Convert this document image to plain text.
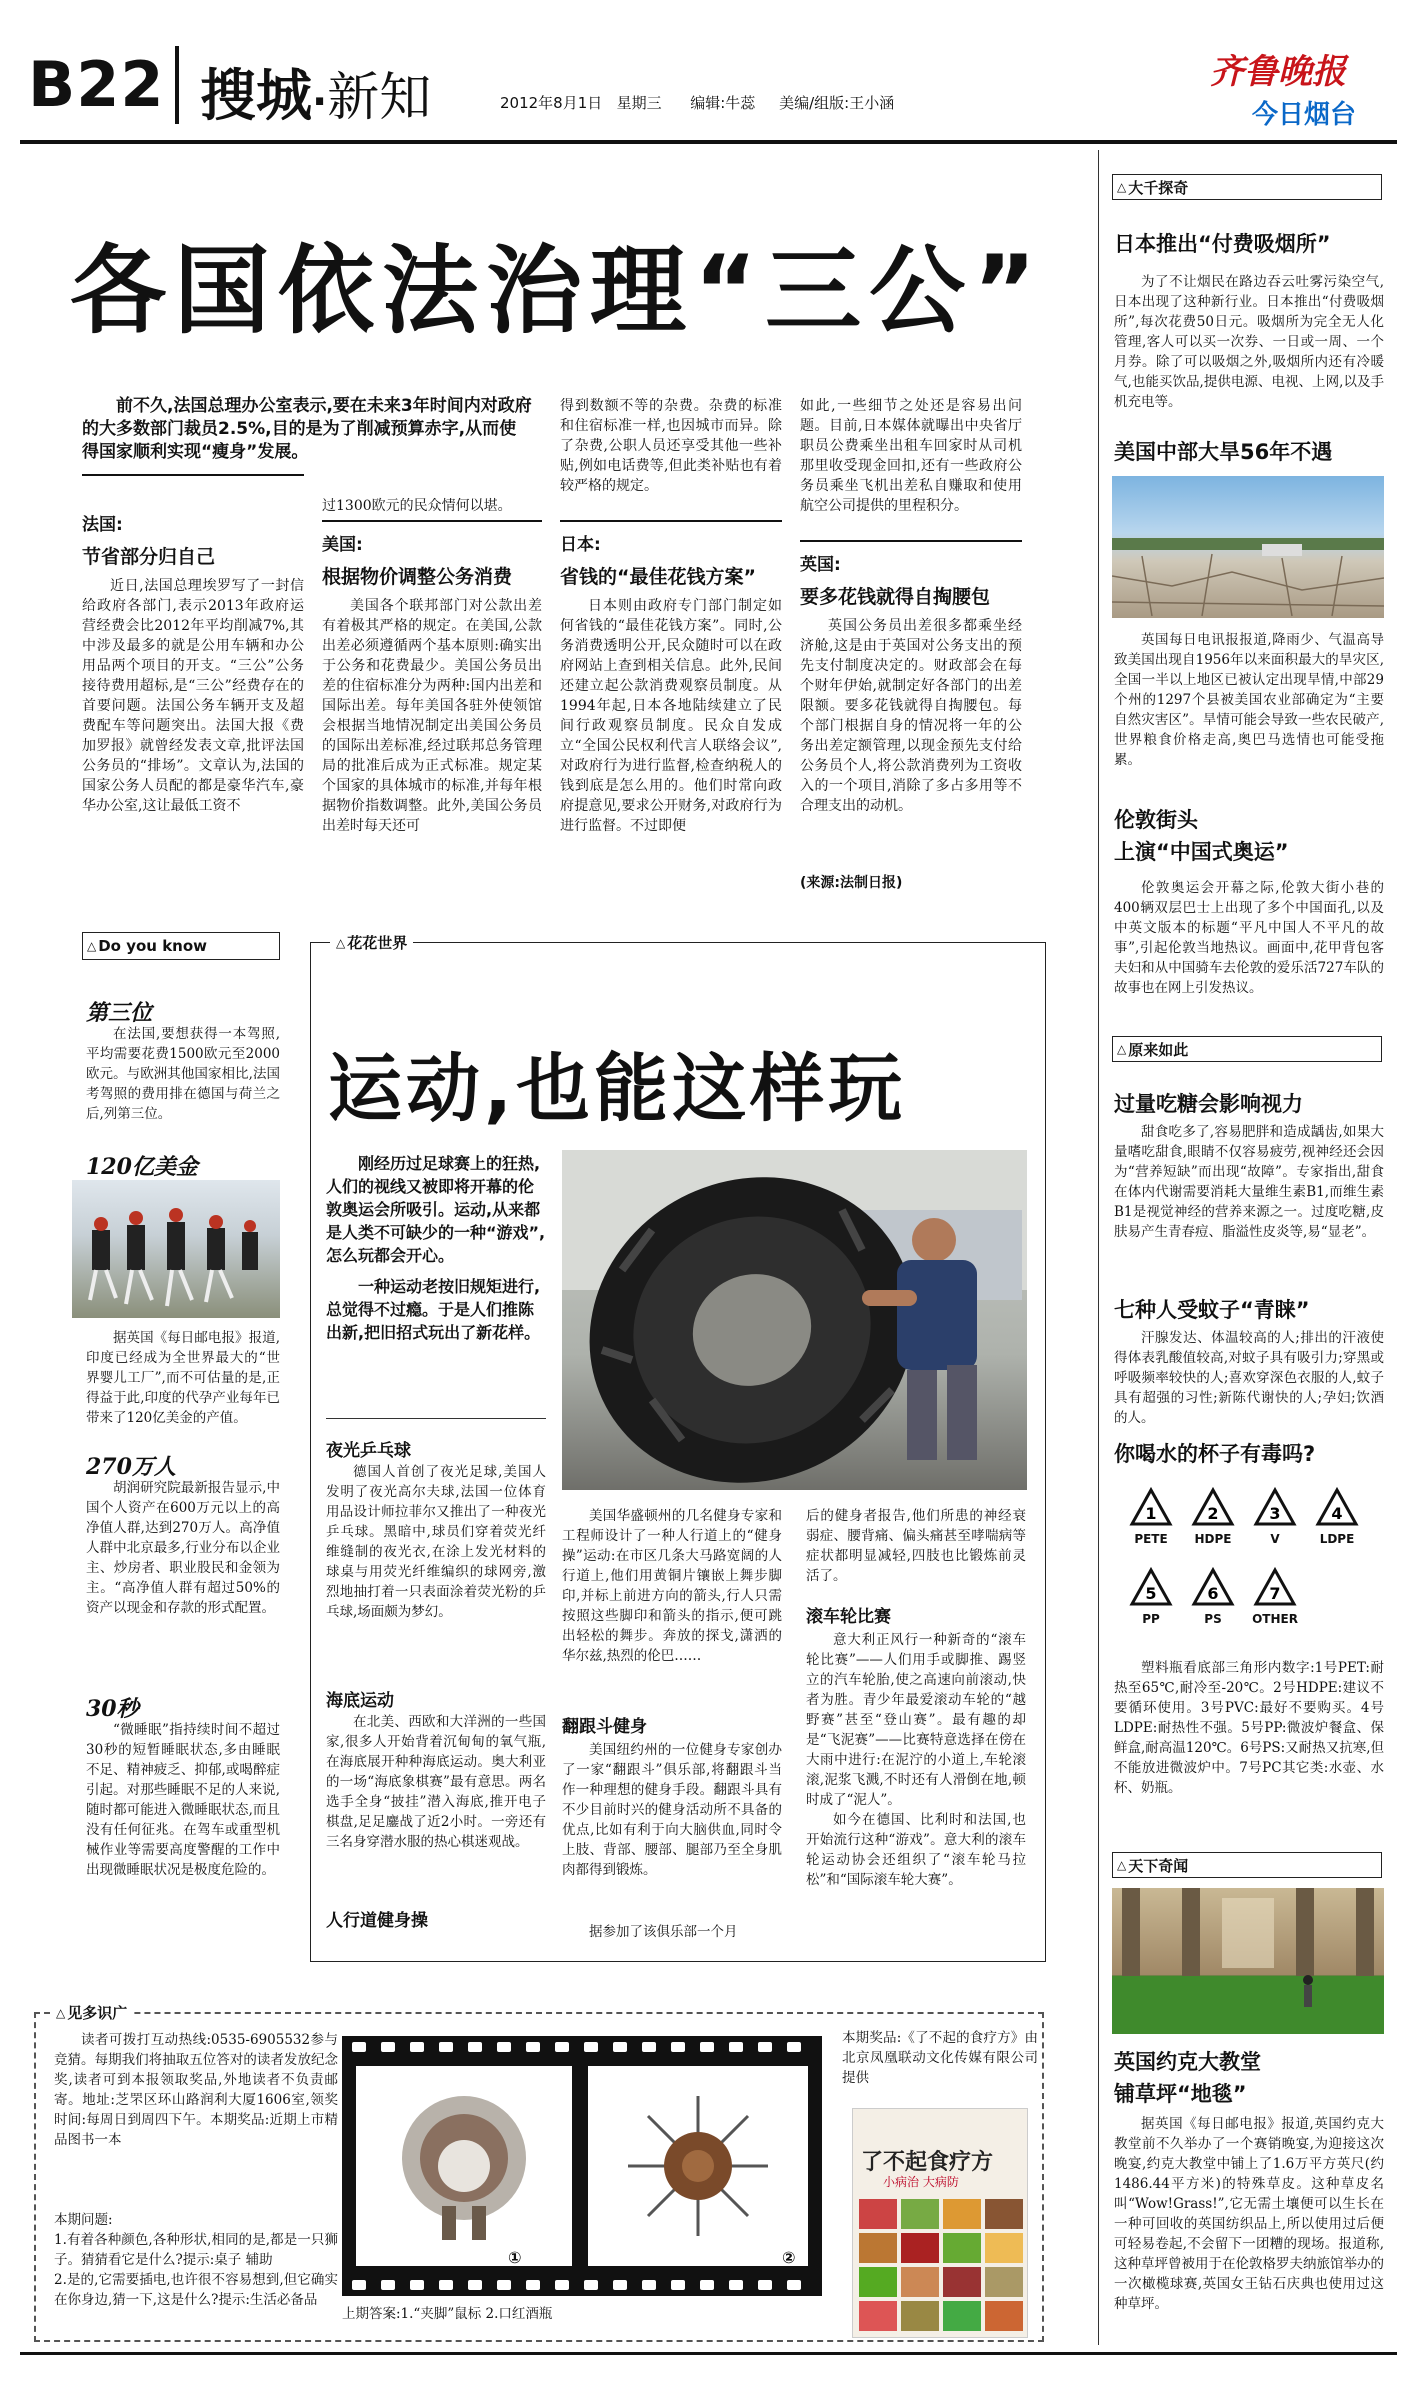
B22 搜城·新知	2012年8月1日 星期三 编辑:牛蕊 美编/组版:王小涵
齐鲁晚报
今日烟台
各国依法治理“三公”

前不久,法国总理办公室表示,要在未来3年时间内对政府的大多数部门裁员2.5%,目的是为了削减预算赤字,从而使得国家顺利实现“瘦身”发展。

法国:
节省部分归自己

近日,法国总理埃罗写了一封信给政府各部门,表示2013年政府运营经费会比2012年平均削减7%,其中涉及最多的就是公用车辆和办公用品两个项目的开支。“三公”公务接待费用超标,是“三公”经费存在的首要问题。法国公务车辆开支及超费配车等问题突出。法国大报《费加罗报》就曾经发表文章,批评法国公务员的“排场”。文章认为,法国的国家公务人员配的都是豪华汽车,豪华办公室,这让最低工资不

过1300欧元的民众情何以堪。

美国:
根据物价调整公务消费

美国各个联邦部门对公款出差有着极其严格的规定。在美国,公款出差必须遵循两个基本原则:确实出于公务和花费最少。美国公务员出差的住宿标准分为两种:国内出差和国际出差。每年美国各驻外使领馆会根据当地情况制定出美国公务员的国际出差标准,经过联邦总务管理局的批准后成为正式标准。规定某个国家的具体城市的标准,并每年根据物价指数调整。此外,美国公务员出差时每天还可

得到数额不等的杂费。杂费的标准和住宿标准一样,也因城市而异。除了杂费,公职人员还享受其他一些补贴,例如电话费等,但此类补贴也有着较严格的规定。

日本:
省钱的“最佳花钱方案”

日本则由政府专门部门制定如何省钱的“最佳花钱方案”。同时,公务消费透明公开,民众随时可以在政府网站上查到相关信息。此外,民间还建立起公款消费观察员制度。从1994年起,日本各地陆续建立了民间行政观察员制度。民众自发成立“全国公民权利代言人联络会议”,对政府行为进行监督,检查纳税人的钱到底是怎么用的。他们时常向政府提意见,要求公开财务,对政府行为进行监督。不过即便

如此,一些细节之处还是容易出问题。目前,日本媒体就曝出中央省厅职员公费乘坐出租车回家时从司机那里收受现金回扣,还有一些政府公务员乘坐飞机出差私自赚取和使用航空公司提供的里程积分。

英国:
要多花钱就得自掏腰包

英国公务员出差很多都乘坐经济舱,这是由于英国对公务支出的预先支付制度决定的。财政部会在每个财年伊始,就制定好各部门的出差限额。要多花钱就得自掏腰包。每个部门根据自身的情况将一年的公务出差定额管理,以现金预先支付给公务员个人,将公款消费列为工资收入的一个项目,消除了多占多用等不合理支出的动机。

(来源:法制日报)
△ Do you know
第三位

在法国,要想获得一本驾照,平均需要花费1500欧元至2000欧元。与欧洲其他国家相比,法国考驾照的费用排在德国与荷兰之后,列第三位。

120亿美金

据英国《每日邮电报》报道,印度已经成为全世界最大的“世界婴儿工厂”,而不可估量的是,正得益于此,印度的代孕产业每年已带来了120亿美金的产值。

270万人

胡润研究院最新报告显示,中国个人资产在600万元以上的高净值人群,达到270万人。高净值人群中北京最多,行业分布以企业主、炒房者、职业股民和金领为主。“高净值人群有超过50%的资产以现金和存款的形式配置。

30秒

“微睡眠”指持续时间不超过30秒的短暂睡眠状态,多由睡眠不足、精神疲乏、抑郁,或喝醉症引起。对那些睡眠不足的人来说,随时都可能进入微睡眠状态,而且没有任何征兆。在驾车或重型机械作业等需要高度警醒的工作中出现微睡眠状况是极度危险的。

△ 花花世界
运动,也能这样玩

刚经历过足球赛上的狂热,人们的视线又被即将开幕的伦敦奥运会所吸引。运动,从来都是人类不可缺少的一种“游戏”,怎么玩都会开心。

一种运动老按旧规矩进行,总觉得不过瘾。于是人们推陈出新,把旧招式玩出了新花样。

夜光乒乓球

德国人首创了夜光足球,美国人发明了夜光高尔夫球,法国一位体育用品设计师拉菲尔又推出了一种夜光乒乓球。黑暗中,球员们穿着荧光纤维缝制的夜光衣,在涂上发光材料的球桌与用荧光纤维编织的球网旁,激烈地抽打着一只表面涂着荧光粉的乒乓球,场面颇为梦幻。

海底运动

在北美、西欧和大洋洲的一些国家,很多人开始背着沉甸甸的氧气瓶,在海底展开种种海底运动。奥大利亚的一场“海底象棋赛”最有意思。两名选手全身“披挂”潜入海底,推开电子棋盘,足足鏖战了近2小时。一旁还有三名身穿潜水服的热心棋迷观战。

人行道健身操

美国华盛顿州的几名健身专家和工程师设计了一种人行道上的“健身操”运动:在市区几条大马路宽阔的人行道上,他们用黄铜片镶嵌上舞步脚印,并标上前进方向的箭头,行人只需按照这些脚印和箭头的指示,便可跳出轻松的舞步。奔放的探戈,潇洒的华尔兹,热烈的伦巴……

翻跟斗健身

美国纽约州的一位健身专家创办了一家“翻跟斗”俱乐部,将翻跟斗当作一种理想的健身手段。翻跟斗具有不少目前时兴的健身活动所不具备的优点,比如有利于向大脑供血,同时令上肢、背部、腰部、腿部乃至全身肌肉都得到锻炼。

据参加了该俱乐部一个月

后的健身者报告,他们所患的神经衰弱症、腰背痛、偏头痛甚至哮喘病等症状都明显减轻,四肢也比锻炼前灵活了。

滚车轮比赛

意大利正风行一种新奇的“滚车轮比赛”——人们用手或脚推、踢竖立的汽车轮胎,使之高速向前滚动,快者为胜。青少年最爱滚动车轮的“越野赛”甚至“登山赛”。最有趣的却是“飞泥赛”——比赛特意选择在傍在大雨中进行:在泥泞的小道上,车轮滚滚,泥浆飞溅,不时还有人滑倒在地,顿时成了“泥人”。

如今在德国、比利时和法国,也开始流行这种“游戏”。意大利的滚车轮运动协会还组织了“滚车轮马拉松”和“国际滚车轮大赛”。

△ 见多识广

读者可拨打互动热线:0535-6905532参与竞猜。每期我们将抽取五位答对的读者发放纪念奖,读者可到本报领取奖品,外地读者不负责邮寄。地址:芝罘区环山路润利大厦1606室,领奖时间:每周日到周四下午。本期奖品:近期上市精品图书一本

本期问题:

1.有着各种颜色,各种形状,相同的是,都是一只狮子。猜猜看它是什么?提示:桌子 辅助

2.是的,它需要插电,也许很不容易想到,但它确实在你身边,猜一下,这是什么?提示:生活必备品

①	②

上期答案:1.“夹脚”鼠标 2.口红酒瓶

本期奖品:《了不起的食疗方》由北京凤凰联动文化传媒有限公司提供

了不起食疗方
小病治 大病防
△ 大千探奇
日本推出“付费吸烟所”

为了不让烟民在路边吞云吐雾污染空气,日本出现了这种新行业。日本推出“付费吸烟所”,每次花费50日元。吸烟所为完全无人化管理,客人可以买一次券、一日或一周、一个月券。除了可以吸烟之外,吸烟所内还有冷暖气,也能买饮品,提供电源、电视、上网,以及手机充电等。

美国中部大旱56年不遇

英国每日电讯报报道,降雨少、气温高导致美国出现自1956年以来面积最大的旱灾区,全国一半以上地区已被认定出现旱情,中部29个州的1297个县被美国农业部确定为“主要自然灾害区”。旱情可能会导致一些农民破产,世界粮食价格走高,奥巴马选情也可能受拖累。

伦敦街头
上演“中国式奥运”

伦敦奥运会开幕之际,伦敦大街小巷的400辆双层巴士上出现了多个中国面孔,以及中英文版本的标题“平凡中国人不平凡的故事”,引起伦敦当地热议。画面中,花甲背包客夫妇和从中国骑车去伦敦的爱乐活727车队的故事也在网上引发热议。

△ 原来如此
过量吃糖会影响视力

甜食吃多了,容易肥胖和造成龋齿,如果大量嗜吃甜食,眼睛不仅容易疲劳,视神经还会因为“营养短缺”而出现“故障”。专家指出,甜食在体内代谢需要消耗大量维生素B1,而维生素B1是视觉神经的营养来源之一。过度吃糖,皮肤易产生青春痘、脂溢性皮炎等,易“显老”。

七种人受蚊子“青睐”

汗腺发达、体温较高的人;排出的汗液使得体表乳酸值较高,对蚊子具有吸引力;穿黑或呼吸频率较快的人;喜欢穿深色衣服的人,蚊子具有超强的习性;新陈代谢快的人;孕妇;饮酒的人。

你喝水的杯子有毒吗?
1
PETE
2
HDPE
3
V
4
LDPE
5
PP
6
PS
7
OTHER

塑料瓶看底部三角形内数字:1号PET:耐热至65℃,耐冷至-20℃。2号HDPE:建议不要循环使用。3号PVC:最好不要购买。4号LDPE:耐热性不强。5号PP:微波炉餐盒、保鲜盒,耐高温120℃。6号PS:又耐热又抗寒,但不能放进微波炉中。7号PC其它类:水壶、水杯、奶瓶。

△ 天下奇闻
英国约克大教堂
铺草坪“地毯”

据英国《每日邮电报》报道,英国约克大教堂前不久举办了一个赛销晚宴,为迎接这次晚宴,约克大教堂中铺上了1.6万平方英尺(约1486.44平方米)的特殊草皮。这种草皮名叫“Wow!Grass!”,它无需土壤便可以生长在一种可回收的英国纺织品上,所以使用过后便可轻易卷起,不会留下一团糟的现场。报道称,这种草坪曾被用于在伦敦格罗夫纳旅馆举办的一次橄榄球赛,英国女王钻石庆典也使用过这种草坪。
